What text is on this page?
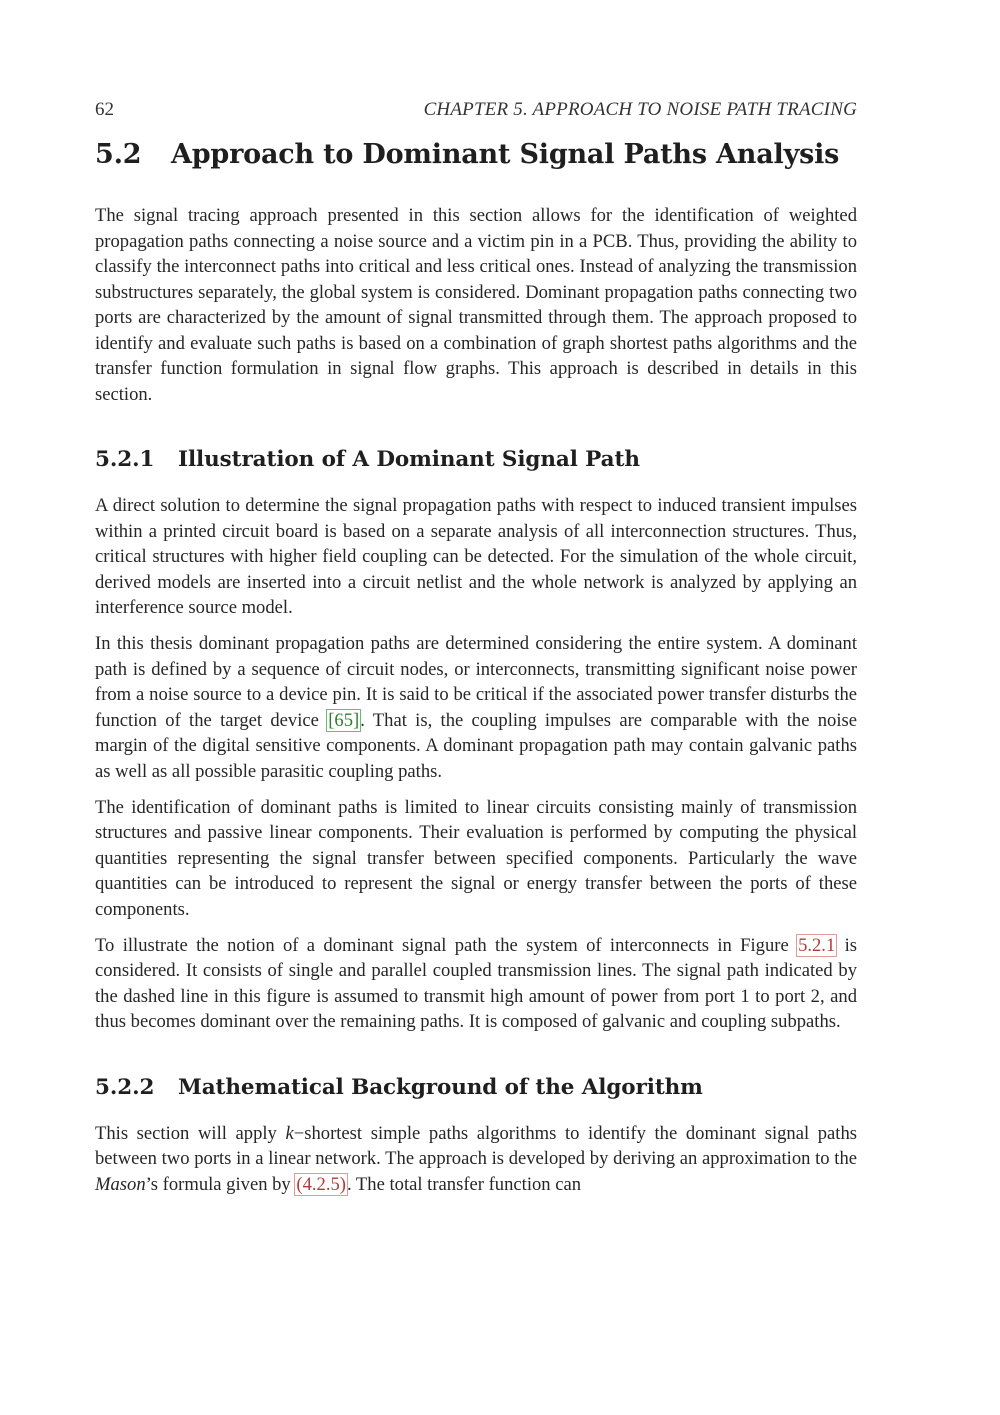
62	CHAPTER 5. APPROACH TO NOISE PATH TRACING
5.2 Approach to Dominant Signal Paths Analysis

The signal tracing approach presented in this section allows for the identification of weighted propagation paths connecting a noise source and a victim pin in a PCB. Thus, providing the ability to classify the interconnect paths into critical and less critical ones. Instead of analyzing the transmission substructures separately, the global system is considered. Dominant propagation paths connecting two ports are characterized by the amount of signal transmitted through them. The approach proposed to identify and evaluate such paths is based on a combination of graph shortest paths algorithms and the transfer function formulation in signal flow graphs. This approach is described in details in this section.

5.2.1 Illustration of A Dominant Signal Path

A direct solution to determine the signal propagation paths with respect to induced transient impulses within a printed circuit board is based on a separate analysis of all interconnection structures. Thus, critical structures with higher field coupling can be detected. For the simulation of the whole circuit, derived models are inserted into a circuit netlist and the whole network is analyzed by applying an interference source model.

In this thesis dominant propagation paths are determined considering the entire system. A dominant path is defined by a sequence of circuit nodes, or interconnects, transmitting significant noise power from a noise source to a device pin. It is said to be critical if the associated power transfer disturbs the function of the target device [65]. That is, the coupling impulses are comparable with the noise margin of the digital sensitive components. A dominant propagation path may contain galvanic paths as well as all possible parasitic coupling paths.

The identification of dominant paths is limited to linear circuits consisting mainly of transmission structures and passive linear components. Their evaluation is performed by computing the physical quantities representing the signal transfer between specified components. Particularly the wave quantities can be introduced to represent the signal or energy transfer between the ports of these components.

To illustrate the notion of a dominant signal path the system of interconnects in Figure 5.2.1 is considered. It consists of single and parallel coupled transmission lines. The signal path indicated by the dashed line in this figure is assumed to transmit high amount of power from port 1 to port 2, and thus becomes dominant over the remaining paths. It is composed of galvanic and coupling subpaths.

5.2.2 Mathematical Background of the Algorithm

This section will apply k−shortest simple paths algorithms to identify the dominant signal paths between two ports in a linear network. The approach is developed by deriving an approximation to the Mason’s formula given by (4.2.5). The total transfer function can
